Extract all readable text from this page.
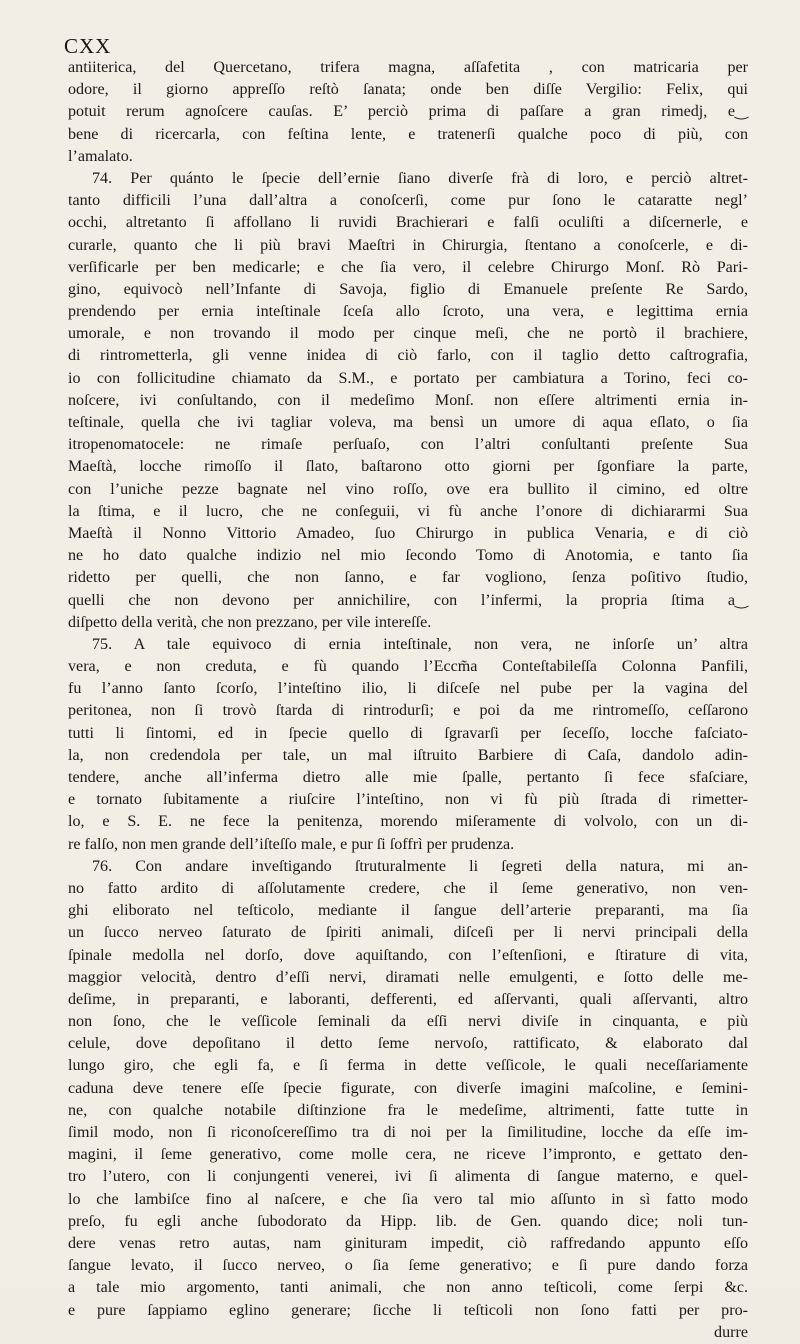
CXX
antiiterica, del Quercetano, trifera magna, aſſafetita , con matricaria per
odore, il giorno appreſſo reſtò ſanata; onde ben diſſe Vergilio: Felix, qui
potuit rerum agnoſcere cauſas. E’ perciò prima di paſſare a gran rimedj, e‿
bene di ricercarla, con feſtina lente, e tratenerſi qualche poco di più, con
l’amalato.
74. Per quánto le ſpecie dell’ernie ſiano diverſe frà di loro, e perciò altret-
tanto difficili l’una dall’altra a conoſcerſi, come pur ſono le cataratte negl’
occhi, altretanto ſi affollano li ruvidi Brachierari e falſi oculiſti a diſcernerle, e
curarle, quanto che li più bravi Maeſtri in Chirurgia, ſtentano a conoſcerle, e di-
verſificarle per ben medicarle; e che ſia vero, il celebre Chirurgo Monſ. Rò Pari-
gino, equivocò nell’Infante di Savoja, figlio di Emanuele preſente Re Sardo,
prendendo per ernia inteſtinale ſceſa allo ſcroto, una vera, e legittima ernia
umorale, e non trovando il modo per cinque meſi, che ne portò il brachiere,
di rintrometterla, gli venne inidea di ciò farlo, con il taglio detto caſtrografia,
io con follicitudine chiamato da S.M., e portato per cambiatura a Torino, feci co-
noſcere, ivi conſultando, con il medeſimo Monſ. non eſſere altrimenti ernia in-
teſtinale, quella che ivi tagliar voleva, ma bensì un umore di aqua eſlato, o ſia
itropenomatocele: ne rimaſe perſuaſo, con l’altri conſultanti preſente Sua
Maeſtà, locche rimoſſo il ſlato, baſtarono otto giorni per ſgonfiare la parte,
con l’uniche pezze bagnate nel vino roſſo, ove era bullito il cimino, ed oltre
la ſtima, e il lucro, che ne conſeguii, vi fù anche l’onore di dichiararmi Sua
Maeſtà il Nonno Vittorio Amadeo, ſuo Chirurgo in publica Venaria, e di ciò
ne ho dato qualche indizio nel mio ſecondo Tomo di Anotomia, e tanto ſia
ridetto per quelli, che non ſanno, e far vogliono, ſenza poſitivo ſtudio,
quelli che non devono per annichilire, con l’infermi, la propria ſtima a‿
diſpetto della verità, che non prezzano, per vile intereſſe.
75. A tale equivoco di ernia inteſtinale, non vera, ne inſorſe un’ altra
vera, e non creduta, e fù quando l’Eccm̃a Conteſtabileſſa Colonna Panfili,
fu l’anno ſanto ſcorſo, l’inteſtino ilio, li diſceſe nel pube per la vagina del
peritonea, non ſi trovò ſtarda di rintrodurſi; e poi da me rintromeſſo, ceſſarono
tutti li ſintomi, ed in ſpecie quello di ſgravarſi per ſeceſſo, locche faſciato-
la, non credendola per tale, un mal iſtruito Barbiere di Caſa, dandolo adin-
tendere, anche all’inferma dietro alle mie ſpalle, pertanto ſi fece sfaſciare,
e tornato ſubitamente a riuſcire l’inteſtino, non vi fù più ſtrada di rimetter-
lo, e S. E. ne fece la penitenza, morendo miſeramente di volvolo, con un di-
re falſo, non men grande dell’iſteſſo male, e pur ſi ſoffrì per prudenza.
76. Con andare inveſtigando ſtruturalmente li ſegreti della natura, mi an-
no fatto ardito di aſſolutamente credere, che il ſeme generativo, non ven-
ghi eliborato nel teſticolo, mediante il ſangue dell’arterie preparanti, ma ſia
un ſucco nerveo ſaturato de ſpiriti animali, diſceſi per li nervi principali della
ſpinale medolla nel dorſo, dove aquiſtando, con l’eſtenſioni, e ſtirature di vita,
maggior velocità, dentro d’eſſi nervi, diramati nelle emulgenti, e ſotto delle me-
deſime, in preparanti, e laboranti, defferenti, ed aſſervanti, quali aſſervanti, altro
non ſono, che le veſſicole ſeminali da eſſi nervi diviſe in cinquanta, e più
celule, dove depoſitano il detto ſeme nervoſo, rattificato, & elaborato dal
lungo giro, che egli fa, e ſi ferma in dette veſſicole, le quali neceſſariamente
caduna deve tenere eſſe ſpecie figurate, con diverſe imagini maſcoline, e ſemini-
ne, con qualche notabile diſtinzione fra le medeſime, altrimenti, fatte tutte in
ſimil modo, non ſi riconoſcereſſimo tra di noi per la ſimilitudine, locche da eſſe im-
magini, il ſeme generativo, come molle cera, ne riceve l’impronto, e gettato den-
tro l’utero, con li conjungenti venerei, ivi ſi alimenta di ſangue materno, e quel-
lo che lambiſce fino al naſcere, e che ſia vero tal mio aſſunto in sì fatto modo
preſo, fu egli anche ſubodorato da Hipp. lib. de Gen. quando dice; noli tun-
dere venas retro autas, nam ginituram impedit, ciò raffredando appunto eſſo
ſangue levato, il ſucco nerveo, o ſia ſeme generativo; e ſi pure dando forza
a tale mio argomento, tanti animali, che non anno teſticoli, come ſerpi &c.
e pure ſappiamo eglino generare; ſicche li teſticoli non ſono fatti per pro-
durre
